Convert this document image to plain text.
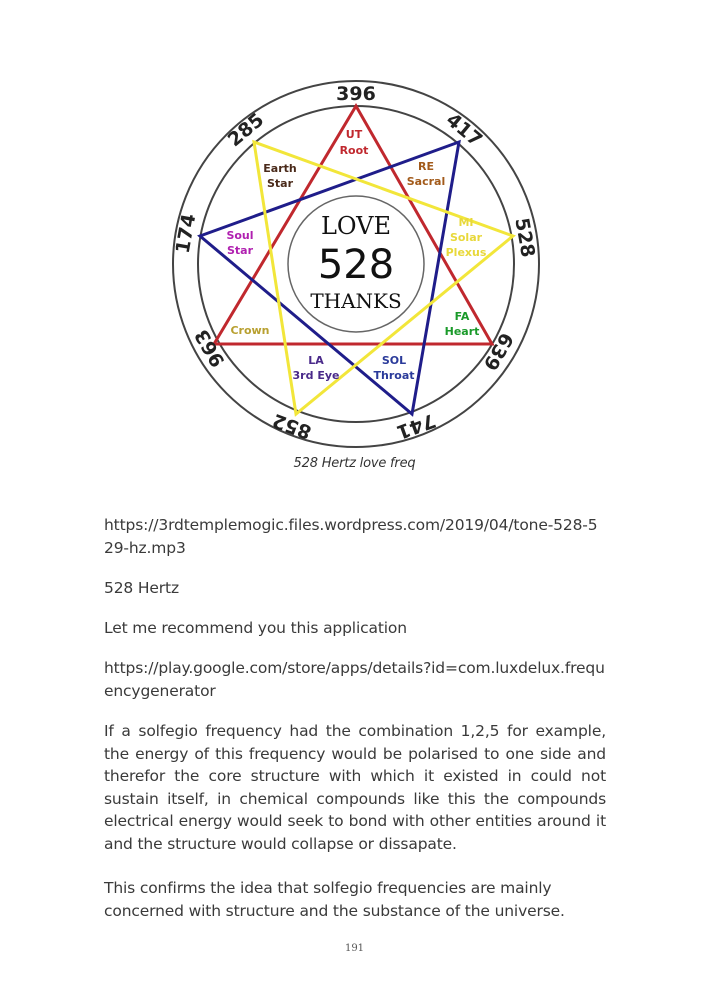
396
417
528
639
741
852
963
174
285
LOVE
528
THANKS
UT
Root
RE
Sacral
MI
Solar
Plexus
FA
Heart
SOL
Throat
LA
3rd Eye
Crown
Soul
Star
Earth
Star
528 Hertz love freq

https://3rdtemplemogic.files.wordpress.com/2019/04/tone-528-529-hz.mp3

528 Hertz

Let me recommend you this application

https://play.google.com/store/apps/details?id=com.luxdelux.frequencygenerator

If a solfegio frequency had the combination 1,2,5 for example, the energy of this frequency would be polarised to one side and therefor the core structure with which it existed in could not sustain itself, in chemical compounds like this the compounds electrical energy would seek to bond with other entities around it and the structure would collapse or dissapate.

This confirms the idea that solfegio frequencies are mainly concerned with structure and the substance of the universe.

191
